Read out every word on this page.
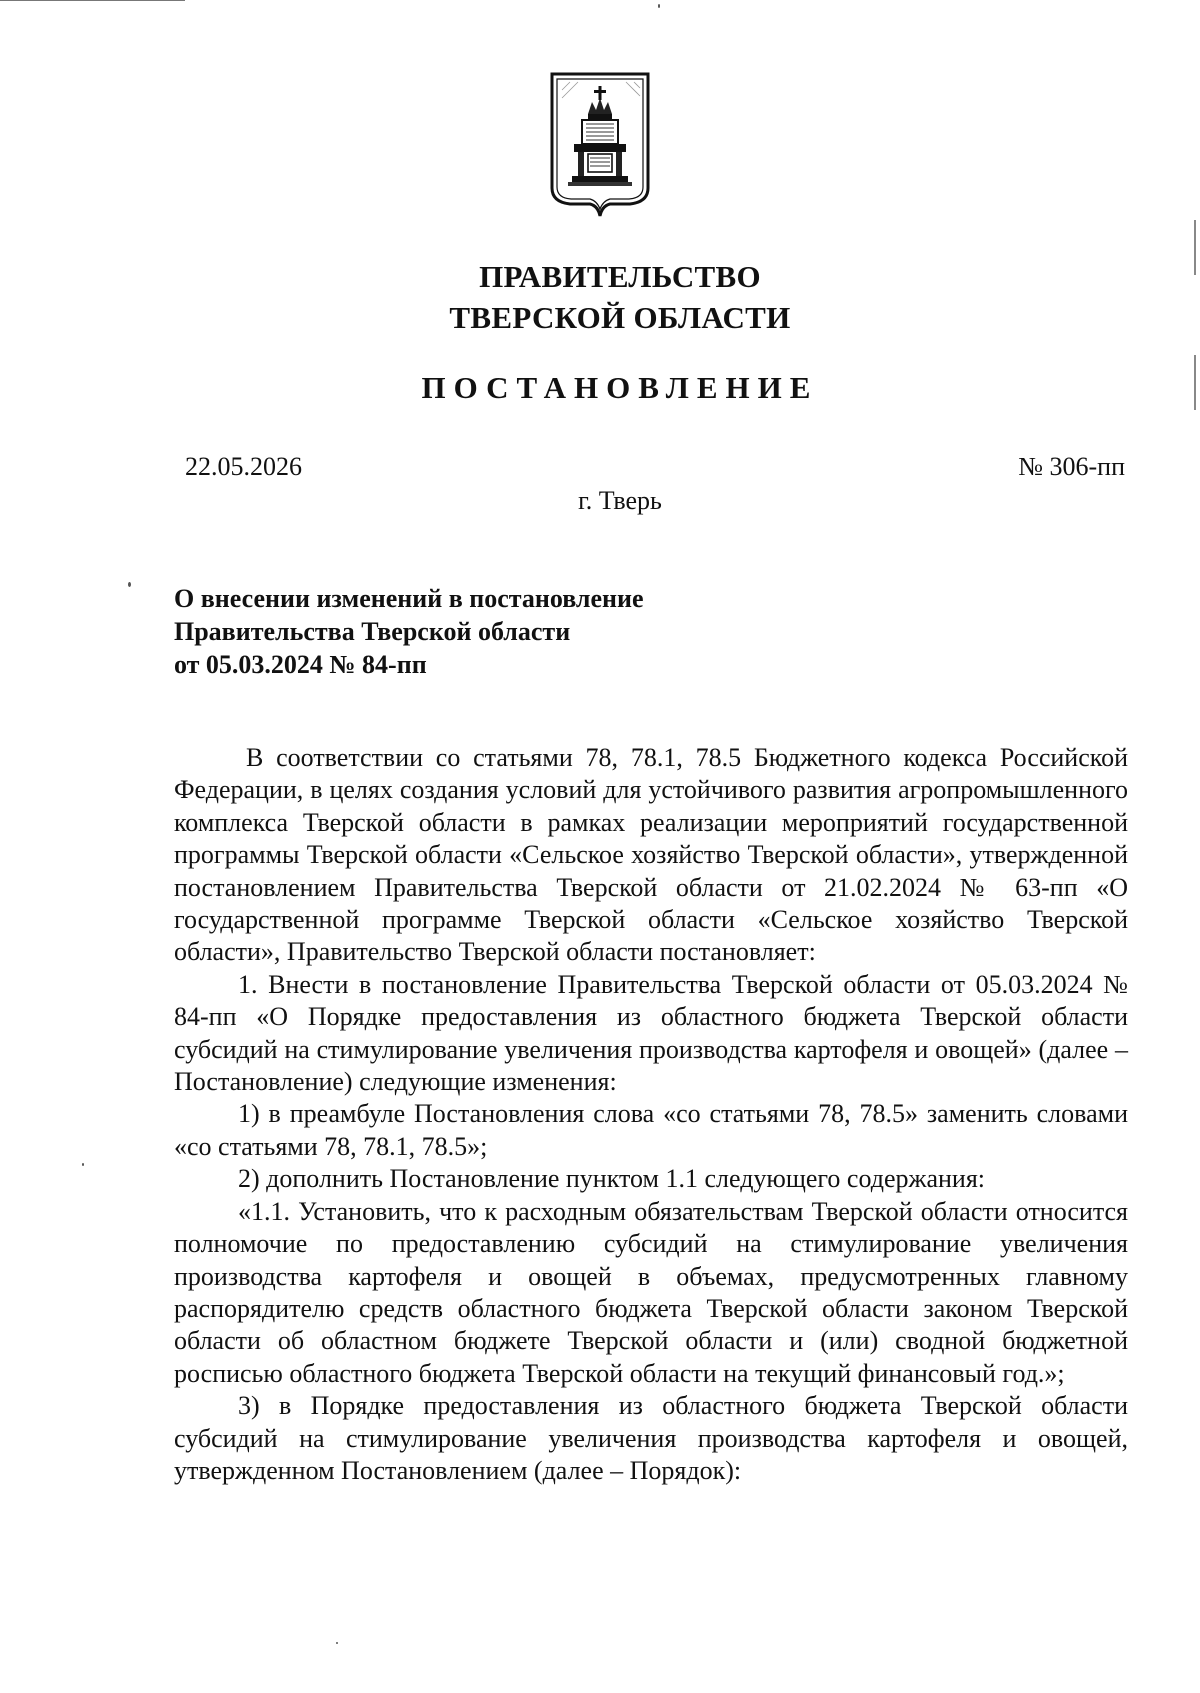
ПРАВИТЕЛЬСТВО
ТВЕРСКОЙ ОБЛАСТИ
ПОСТАНОВЛЕНИЕ
22.05.2026	№ 306-пп
г. Тверь
О внесении изменений в постановление
Правительства Тверской области
от 05.03.2024 № 84-пп

В соответствии со статьями 78, 78.1, 78.5 Бюджетного кодекса Российской Федерации, в целях создания условий для устойчивого развития агропромышленного комплекса Тверской области в рамках реализации мероприятий государственной программы Тверской области «Сельское хозяйство Тверской области», утвержденной постановлением Правительства Тверской области от 21.02.2024 № 63-пп «О государственной программе Тверской области «Сельское хозяйство Тверской области», Правительство Тверской области постановляет:

1. Внести в постановление Правительства Тверской области от 05.03.2024 № 84-пп «О Порядке предоставления из областного бюджета Тверской области субсидий на стимулирование увеличения производства картофеля и овощей» (далее – Постановление) следующие изменения:

1) в преамбуле Постановления слова «со статьями 78, 78.5» заменить словами «со статьями 78, 78.1, 78.5»;

2) дополнить Постановление пунктом 1.1 следующего содержания:

«1.1. Установить, что к расходным обязательствам Тверской области относится полномочие по предоставлению субсидий на стимулирование увеличения производства картофеля и овощей в объемах, предусмотренных главному распорядителю средств областного бюджета Тверской области законом Тверской области об областном бюджете Тверской области и (или) сводной бюджетной росписью областного бюджета Тверской области на текущий финансовый год.»;

3) в Порядке предоставления из областного бюджета Тверской области субсидий на стимулирование увеличения производства картофеля и овощей, утвержденном Постановлением (далее – Порядок):
